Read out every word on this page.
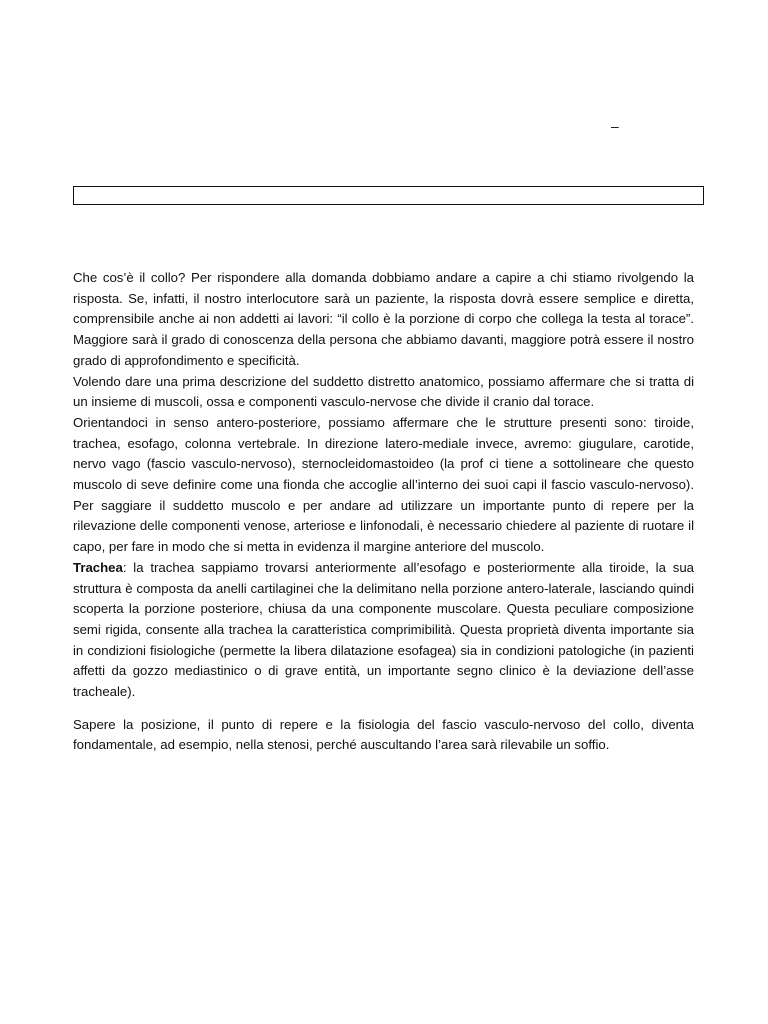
–

Che cos’è il collo? Per rispondere alla domanda dobbiamo andare a capire a chi stiamo rivolgendo la risposta. Se, infatti, il nostro interlocutore sarà un paziente, la risposta dovrà essere semplice e diretta, comprensibile anche ai non addetti ai lavori: “il collo è la porzione di corpo che collega la testa al torace”. Maggiore sarà il grado di conoscenza della persona che abbiamo davanti, maggiore potrà essere il nostro grado di approfondimento e specificità.

Volendo dare una prima descrizione del suddetto distretto anatomico, possiamo affermare che si tratta di un insieme di muscoli, ossa e componenti vasculo-nervose che divide il cranio dal torace.

Orientandoci in senso antero-posteriore, possiamo affermare che le strutture presenti sono: tiroide, trachea, esofago, colonna vertebrale. In direzione latero-mediale invece, avremo: giugulare, carotide, nervo vago (fascio vasculo-nervoso), sternocleidomastoideo (la prof ci tiene a sottolineare che questo muscolo di seve definire come una fionda che accoglie all’interno dei suoi capi il fascio vasculo-nervoso). Per saggiare il suddetto muscolo e per andare ad utilizzare un importante punto di repere per la rilevazione delle componenti venose, arteriose e linfonodali, è necessario chiedere al paziente di ruotare il capo, per fare in modo che si metta in evidenza il margine anteriore del muscolo.

Trachea: la trachea sappiamo trovarsi anteriormente all’esofago e posteriormente alla tiroide, la sua struttura è composta da anelli cartilaginei che la delimitano nella porzione antero-laterale, lasciando quindi scoperta la porzione posteriore, chiusa da una componente muscolare. Questa peculiare composizione semi rigida, consente alla trachea la caratteristica comprimibilità. Questa proprietà diventa importante sia in condizioni fisiologiche (permette la libera dilatazione esofagea) sia in condizioni patologiche (in pazienti affetti da gozzo mediastinico o di grave entità, un importante segno clinico è la deviazione dell’asse tracheale).

Sapere la posizione, il punto di repere e la fisiologia del fascio vasculo-nervoso del collo, diventa fondamentale, ad esempio, nella stenosi, perché auscultando l’area sarà rilevabile un soffio.
